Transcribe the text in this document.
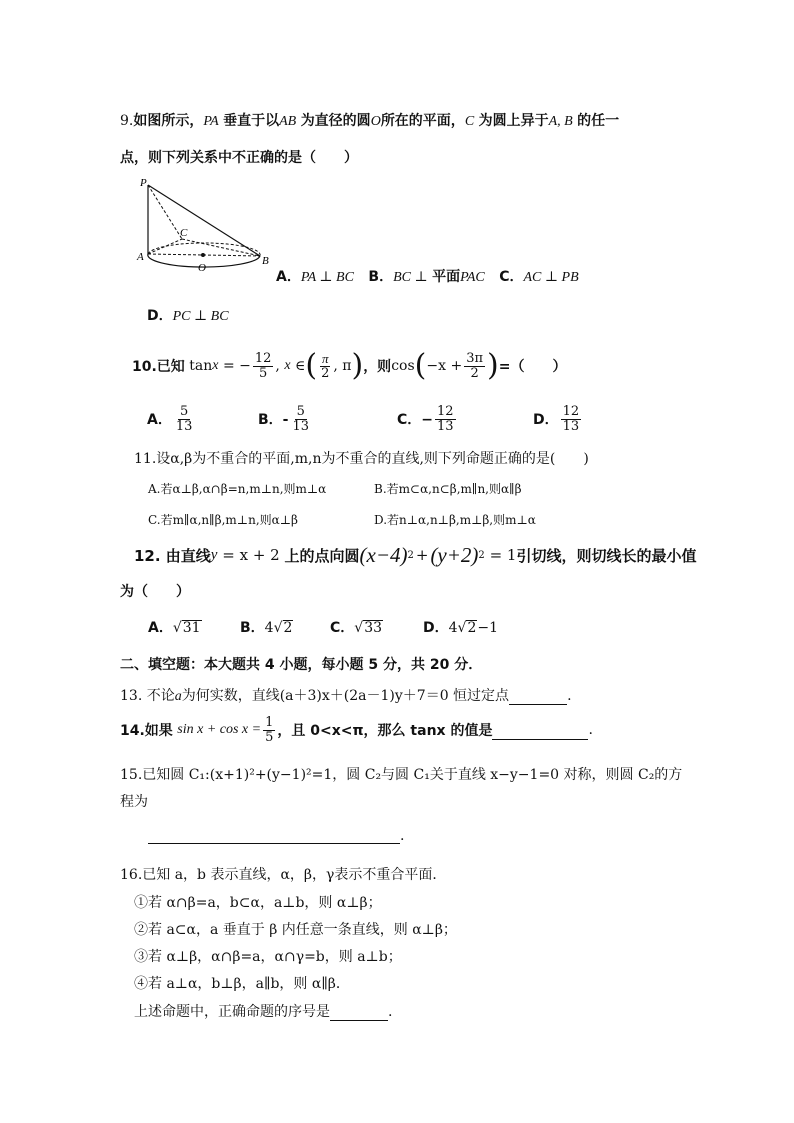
9.如图所示，PA 垂直于以AB 为直径的圆O所在的平面，C 为圆上异于A, B 的任一
点，则下列关系中不正确的是（　　）
P
C
A
O
B
A．PA ⊥ BC B．BC ⊥ 平面PAC C．AC ⊥ PB
D．PC ⊥ BC
10.已知
tan x
= − $\frac{12}{5}$ ,
x
∈ ( $\frac{\pi}{2}$ , π ) ，则 cos ( $-x + \frac{3\pi}{2}$ ) =（　　）
A． $\frac{5}{13}$	B．- $\frac{5}{13}$	C．− $\frac{12}{13}$	D． $\frac{12}{13}$
11.设α,β为不重合的平面,m,n为不重合的直线,则下列命题正确的是(　　)
A.若α⊥β,α∩β=n,m⊥n,则m⊥α	B.若m⊂α,n⊂β,m∥n,则α∥β
C.若m∥α,n∥β,m⊥n,则α⊥β	D.若n⊥α,n⊥β,m⊥β,则m⊥α
12. 由直线 y
= x + 2
上的点向圆 (x−4) 2 + (y+2) 2
= 1 引切线，则切线长的最小值
为（　　）
A．√31	B．4√2	C．√33	D．4√2−1
二、填空题：本大题共 4 小题，每小题 5 分，共 20 分．
13. 不论a为何实数，直线(a＋3)x＋(2a－1)y＋7＝0 恒过定点	.
14.如果
$\sin x + \cos x = \frac{1}{5}$ ，且 0<x<π，那么 tanx 的值是
	.
15.已知圆 C₁:(x+1)²+(y−1)²=1，圆 C₂与圆 C₁关于直线 x−y−1=0 对称，则圆 C₂的方
程为
.
16.已知 a，b 表示直线，α，β，γ表示不重合平面．
①若 α∩β=a，b⊂α，a⊥b，则 α⊥β；
②若 a⊂α，a 垂直于 β 内任意一条直线，则 α⊥β；
③若 α⊥β，α∩β=a，α∩γ=b，则 a⊥b；
④若 a⊥α，b⊥β，a∥b，则 α∥β．
上述命题中，正确命题的序号是	.
